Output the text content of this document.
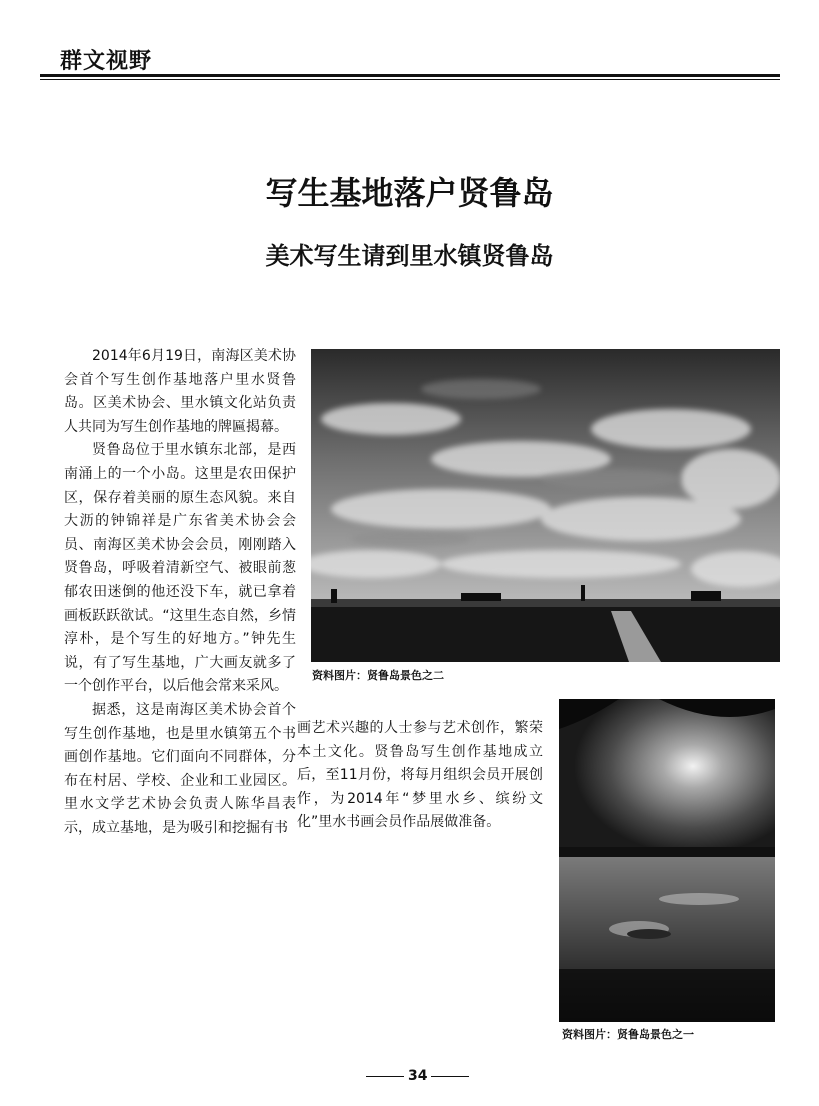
群文视野
写生基地落户贤鲁岛
美术写生请到里水镇贤鲁岛

2014年6月19日，南海区美术协会首个写生创作基地落户里水贤鲁岛。区美术协会、里水镇文化站负责人共同为写生创作基地的牌匾揭幕。

贤鲁岛位于里水镇东北部，是西南涌上的一个小岛。这里是农田保护区，保存着美丽的原生态风貌。来自大沥的钟锦祥是广东省美术协会会员、南海区美术协会会员，刚刚踏入贤鲁岛，呼吸着清新空气、被眼前葱郁农田迷倒的他还没下车，就已拿着画板跃跃欲试。“这里生态自然，乡情淳朴，是个写生的好地方。”钟先生说，有了写生基地，广大画友就多了一个创作平台，以后他会常来采风。

据悉，这是南海区美术协会首个写生创作基地，也是里水镇第五个书画创作基地。它们面向不同群体，分布在村居、学校、企业和工业园区。里水文学艺术协会负责人陈华昌表示，成立基地，是为吸引和挖掘有书

画艺术兴趣的人士参与艺术创作，繁荣本土文化。贤鲁岛写生创作基地成立后，至11月份，将每月组织会员开展创作，为2014年“梦里水乡、缤纷文化”里水书画会员作品展做准备。

资料图片：贤鲁岛景色之二
资料图片：贤鲁岛景色之一
34
